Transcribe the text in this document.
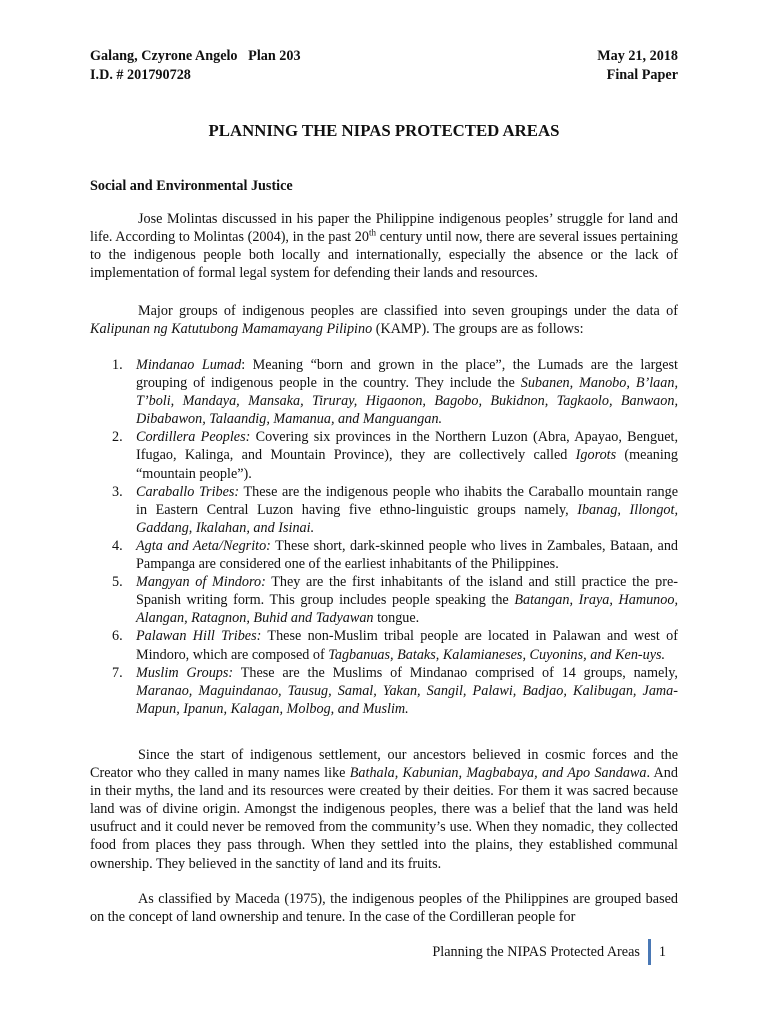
Galang, Czyrone Angelo   Plan 203
I.D. # 201790728
May 21, 2018
Final Paper
PLANNING THE NIPAS PROTECTED AREAS
Social and Environmental Justice

Jose Molintas discussed in his paper the Philippine indigenous peoples’ struggle for land and life. According to Molintas (2004), in the past 20th century until now, there are several issues pertaining to the indigenous people both locally and internationally, especially the absence or the lack of implementation of formal legal system for defending their lands and resources.

Major groups of indigenous peoples are classified into seven groupings under the data of Kalipunan ng Katutubong Mamamayang Pilipino (KAMP). The groups are as follows:

1. Mindanao Lumad: Meaning “born and grown in the place”, the Lumads are the largest grouping of indigenous people in the country. They include the Subanen, Manobo, B’laan, T’boli, Mandaya, Mansaka, Tiruray, Higaonon, Bagobo, Bukidnon, Tagkaolo, Banwaon, Dibabawon, Talaandig, Mamanua, and Manguangan.
2. Cordillera Peoples: Covering six provinces in the Northern Luzon (Abra, Apayao, Benguet, Ifugao, Kalinga, and Mountain Province), they are collectively called Igorots (meaning “mountain people”).
3. Caraballo Tribes: These are the indigenous people who ihabits the Caraballo mountain range in Eastern Central Luzon having five ethno-linguistic groups namely, Ibanag, Illongot, Gaddang, Ikalahan, and Isinai.
4. Agta and Aeta/Negrito: These short, dark-skinned people who lives in Zambales, Bataan, and Pampanga are considered one of the earliest inhabitants of the Philippines.
5. Mangyan of Mindoro: They are the first inhabitants of the island and still practice the pre-Spanish writing form. This group includes people speaking the Batangan, Iraya, Hamunoo, Alangan, Ratagnon, Buhid and Tadyawan tongue.
6. Palawan Hill Tribes: These non-Muslim tribal people are located in Palawan and west of Mindoro, which are composed of Tagbanuas, Bataks, Kalamianeses, Cuyonins, and Ken-uys.
7. Muslim Groups: These are the Muslims of Mindanao comprised of 14 groups, namely, Maranao, Maguindanao, Tausug, Samal, Yakan, Sangil, Palawi, Badjao, Kalibugan, Jama-Mapun, Ipanun, Kalagan, Molbog, and Muslim.

Since the start of indigenous settlement, our ancestors believed in cosmic forces and the Creator who they called in many names like Bathala, Kabunian, Magbabaya, and Apo Sandawa. And in their myths, the land and its resources were created by their deities. For them it was sacred because land was of divine origin. Amongst the indigenous peoples, there was a belief that the land was held usufruct and it could never be removed from the community’s use. When they nomadic, they collected food from places they pass through. When they settled into the plains, they established communal ownership. They believed in the sanctity of land and its fruits.

As classified by Maceda (1975), the indigenous peoples of the Philippines are grouped based on the concept of land ownership and tenure. In the case of the Cordilleran people for

Planning the NIPAS Protected Areas 1
